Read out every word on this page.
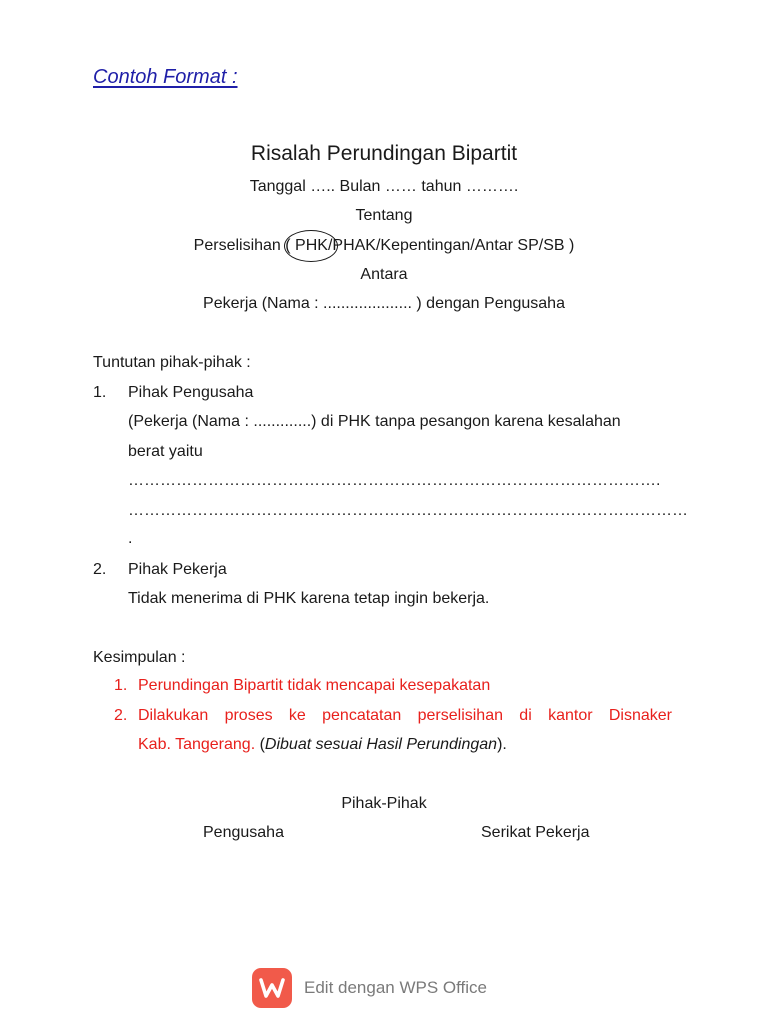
Contoh Format :
Risalah Perundingan Bipartit
Tanggal ….. Bulan …… tahun ……….
Tentang
Perselisihan ( PHK/PHAK/Kepentingan/Antar SP/SB )
Antara
Pekerja (Nama : .................... ) dengan Pengusaha
Tuntutan pihak-pihak :
1. Pihak Pengusaha
(Pekerja (Nama : .............) di PHK tanpa pesangon karena kesalahan
berat yaitu
……………………………………………………………………………………….
……………………………………………………………………………………………
.
2. Pihak Pekerja
Tidak menerima di PHK karena tetap ingin bekerja.
Kesimpulan :
1. Perundingan Bipartit tidak mencapai kesepakatan
2. Dilakukan proses ke pencatatan perselisihan di kantor Disnaker
Kab. Tangerang. (Dibuat sesuai Hasil Perundingan).
Pihak-Pihak
Pengusaha	Serikat Pekerja
Edit dengan WPS Office
